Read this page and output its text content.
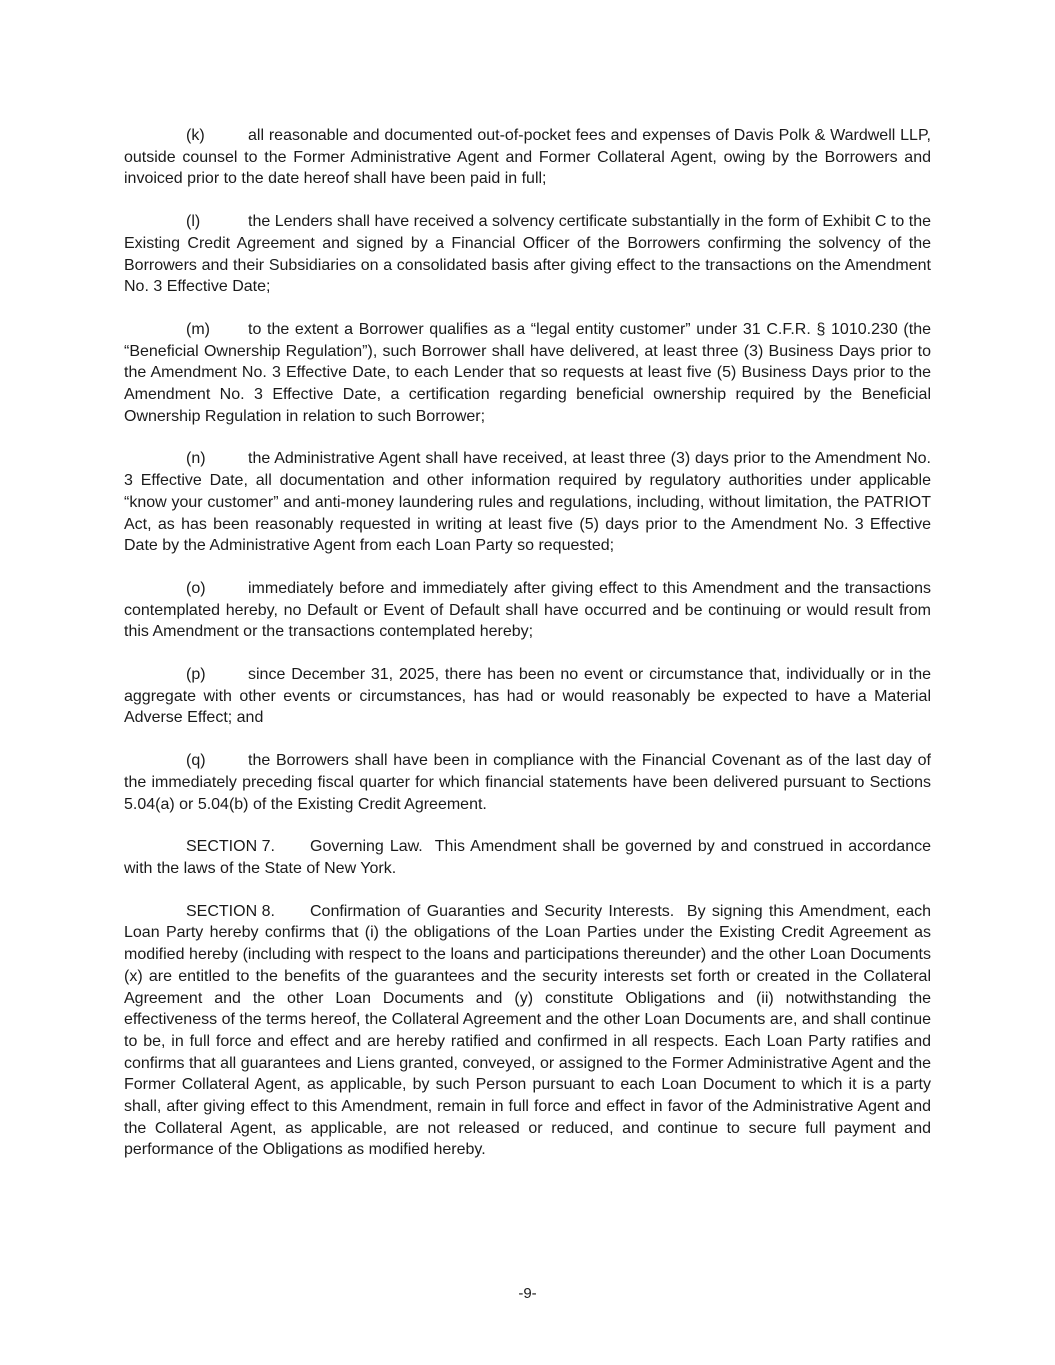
(k)	all reasonable and documented out-of-pocket fees and expenses of Davis Polk & Wardwell LLP, outside counsel to the Former Administrative Agent and Former Collateral Agent, owing by the Borrowers and invoiced prior to the date hereof shall have been paid in full;

(l)	the Lenders shall have received a solvency certificate substantially in the form of Exhibit C to the Existing Credit Agreement and signed by a Financial Officer of the Borrowers confirming the solvency of the Borrowers and their Subsidiaries on a consolidated basis after giving effect to the transactions on the Amendment No. 3 Effective Date;

(m) to the extent a Borrower qualifies as a “legal entity customer” under 31 C.F.R. § 1010.230 (the “Beneficial Ownership Regulation”), such Borrower shall have delivered, at least three (3) Business Days prior to the Amendment No. 3 Effective Date, to each Lender that so requests at least five (5) Business Days prior to the Amendment No. 3 Effective Date, a certification regarding beneficial ownership required by the Beneficial Ownership Regulation in relation to such Borrower;

(n)	the Administrative Agent shall have received, at least three (3) days prior to the Amendment No. 3 Effective Date, all documentation and other information required by regulatory authorities under applicable “know your customer” and anti-money laundering rules and regulations, including, without limitation, the PATRIOT Act, as has been reasonably requested in writing at least five (5) days prior to the Amendment No. 3 Effective Date by the Administrative Agent from each Loan Party so requested;

(o)	immediately before and immediately after giving effect to this Amendment and the transactions contemplated hereby, no Default or Event of Default shall have occurred and be continuing or would result from this Amendment or the transactions contemplated hereby;

(p)	since December 31, 2025, there has been no event or circumstance that, individually or in the aggregate with other events or circumstances, has had or would reasonably be expected to have a Material Adverse Effect; and

(q)	the Borrowers shall have been in compliance with the Financial Covenant as of the last day of the immediately preceding fiscal quarter for which financial statements have been delivered pursuant to Sections 5.04(a) or 5.04(b) of the Existing Credit Agreement.

SECTION 7. Governing Law. This Amendment shall be governed by and construed in accordance with the laws of the State of New York.

SECTION 8. Confirmation of Guaranties and Security Interests. By signing this Amendment, each Loan Party hereby confirms that (i) the obligations of the Loan Parties under the Existing Credit Agreement as modified hereby (including with respect to the loans and participations thereunder) and the other Loan Documents (x) are entitled to the benefits of the guarantees and the security interests set forth or created in the Collateral Agreement and the other Loan Documents and (y) constitute Obligations and (ii) notwithstanding the effectiveness of the terms hereof, the Collateral Agreement and the other Loan Documents are, and shall continue to be, in full force and effect and are hereby ratified and confirmed in all respects. Each Loan Party ratifies and confirms that all guarantees and Liens granted, conveyed, or assigned to the Former Administrative Agent and the Former Collateral Agent, as applicable, by such Person pursuant to each Loan Document to which it is a party shall, after giving effect to this Amendment, remain in full force and effect in favor of the Administrative Agent and the Collateral Agent, as applicable, are not released or reduced, and continue to secure full payment and performance of the Obligations as modified hereby.

-9-
